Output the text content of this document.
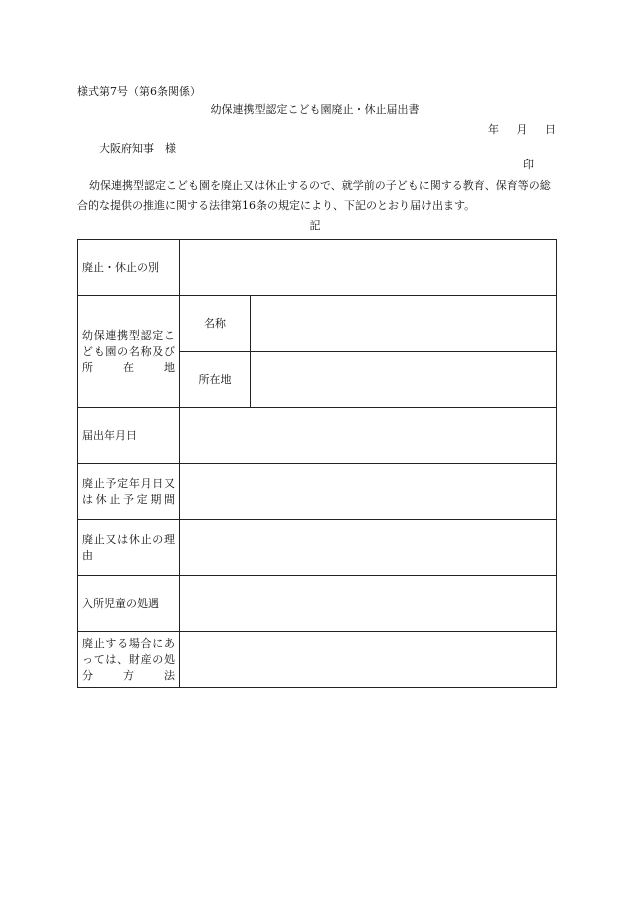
様式第7号（第6条関係）
幼保連携型認定こども園廃止・休止届出書
年 月 日
大阪府知事　様
印
幼保連携型認定こども園を廃止又は休止するので、就学前の子どもに関する教育、保育等の総合的な提供の推進に関する法律第16条の規定により、下記のとおり届け出ます。
記
廃止・休止の別		
幼保連携型認定こども園の名称及び所在地	名称	
	所在地	
届出年月日		
廃止予定年月日又は休止予定期間		
廃止又は休止の理由		
入所児童の処遇		
廃止する場合にあっては、財産の処分方法		
